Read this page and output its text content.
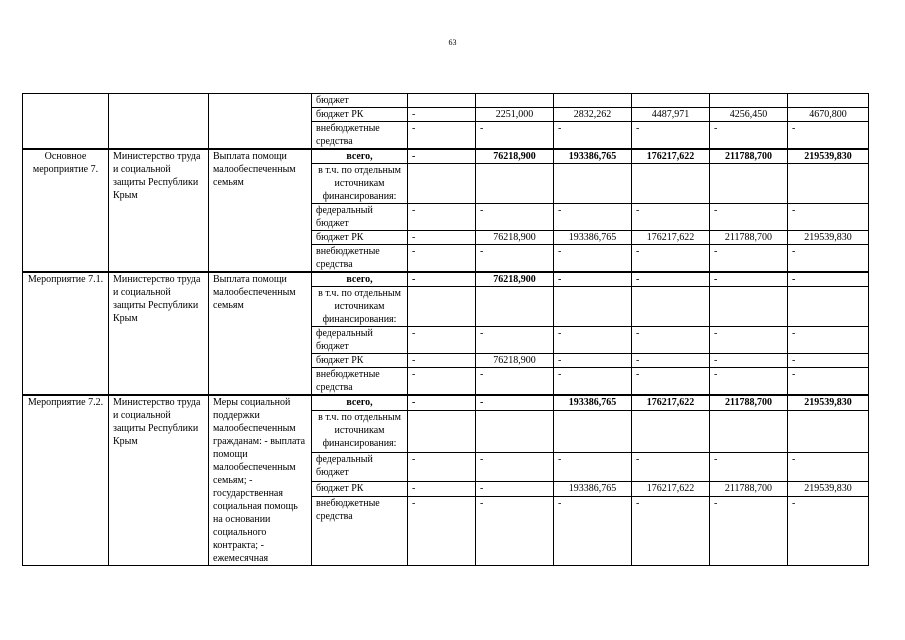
63
			бюджет						
			бюджет РК	-	2251,000	2832,262	4487,971	4256,450	4670,800
			внебюджетные средства	-	-	-	-	-	-
Основное мероприятие 7.	Министерство труда и социальной защиты Республики Крым	Выплата помощи малообеспеченным семьям	всего,	-	76218,900	193386,765	176217,622	211788,700	219539,830
			в т.ч. по отдельным источникам финансирования:						
			федеральный бюджет	-	-	-	-	-	-
			бюджет РК	-	76218,900	193386,765	176217,622	211788,700	219539,830
			внебюджетные средства	-	-	-	-	-	-
Мероприятие 7.1.	Министерство труда и социальной защиты Республики Крым	Выплата помощи малообеспеченным семьям	всего,	-	76218,900	-	-	-	-
			в т.ч. по отдельным источникам финансирования:						
			федеральный бюджет	-	-	-	-	-	-
			бюджет РК	-	76218,900	-	-	-	-
			внебюджетные средства	-	-	-	-	-	-
Мероприятие 7.2.	Министерство труда и социальной защиты Республики Крым	Меры социальной поддержки малообеспеченным гражданам: - выплата помощи малообеспеченным семьям; - государственная социальная помощь на основании социального контракта; - ежемесячная	всего,	-	-	193386,765	176217,622	211788,700	219539,830
			в т.ч. по отдельным источникам финансирования:						
			федеральный бюджет	-	-	-	-	-	-
			бюджет РК	-	-	193386,765	176217,622	211788,700	219539,830
			внебюджетные средства	-	-	-	-	-	-
